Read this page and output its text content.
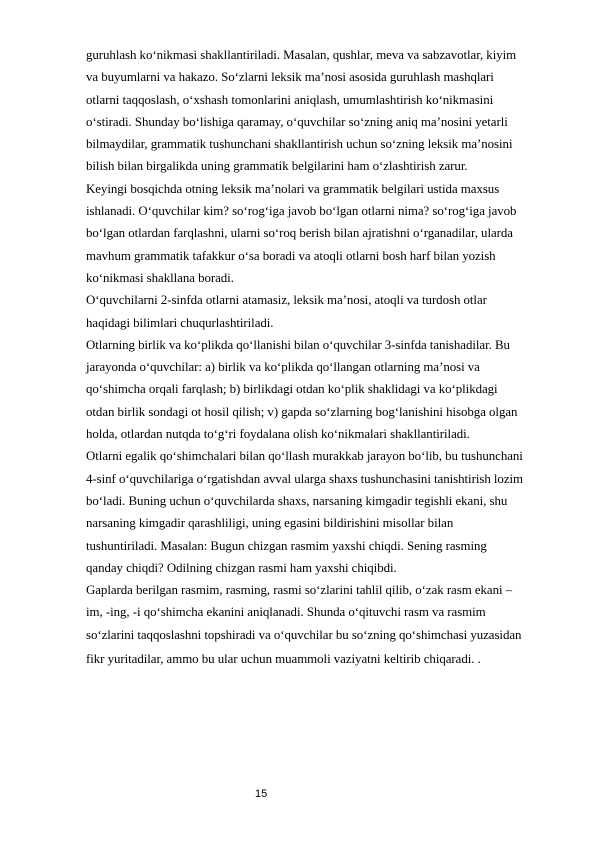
guruhlash ko‘nikmasi shakllantiriladi. Masalan, qushlar, meva va sabzavotlar, kiyim
va buyumlarni va hakazo. So‘zlarni leksik ma’nosi asosida guruhlash mashqlari
otlarni taqqoslash, o‘xshash tomonlarini aniqlash, umumlashtirish ko‘nikmasini
o‘stiradi. Shunday bo‘lishiga qaramay, o‘quvchilar so‘zning aniq ma’nosini yetarli
bilmaydilar, grammatik tushunchani shakllantirish uchun so‘zning leksik ma’nosini
bilish bilan birgalikda uning grammatik belgilarini ham o‘zlashtirish zarur.
Keyingi bosqichda otning leksik ma’nolari va grammatik belgilari ustida maxsus
ishlanadi. O‘quvchilar kim? so‘rog‘iga javob bo‘lgan otlarni nima? so‘rog‘iga javob
bo‘lgan otlardan farqlashni, ularni so‘roq berish bilan ajratishni o‘rganadilar, ularda
mavhum grammatik tafakkur o‘sa boradi va atoqli otlarni bosh harf bilan yozish
ko‘nikmasi shakllana boradi.
O‘quvchilarni 2-sinfda otlarni atamasiz, leksik ma’nosi, atoqli va turdosh otlar
haqidagi bilimlari chuqurlashtiriladi.
Otlarning birlik va ko‘plikda qo‘llanishi bilan o‘quvchilar 3-sinfda tanishadilar. Bu
jarayonda o‘quvchilar: a) birlik va ko‘plikda qo‘llangan otlarning ma’nosi va
qo‘shimcha orqali farqlash; b) birlikdagi otdan ko‘plik shaklidagi va ko‘plikdagi
otdan birlik sondagi ot hosil qilish; v) gapda so‘zlarning bog‘lanishini hisobga olgan
holda, otlardan nutqda to‘g‘ri foydalana olish ko‘nikmalari shakllantiriladi.
Otlarni egalik qo‘shimchalari bilan qo‘llash murakkab jarayon bo‘lib, bu tushunchani
4-sinf o‘quvchilariga o‘rgatishdan avval ularga shaxs tushunchasini tanishtirish lozim
bo‘ladi. Buning uchun o‘quvchilarda shaxs, narsaning kimgadir tegishli ekani, shu
narsaning kimgadir qarashliligi, uning egasini bildirishini misollar bilan
tushuntiriladi. Masalan: Bugun chizgan rasmim yaxshi chiqdi. Sening rasming
qanday chiqdi? Odilning chizgan rasmi ham yaxshi chiqibdi.
Gaplarda berilgan rasmim, rasming, rasmi so‘zlarini tahlil qilib, o‘zak rasm ekani –
im, -ing, -i qo‘shimcha ekanini aniqlanadi. Shunda o‘qituvchi rasm va rasmim
so‘zlarini taqqoslashni topshiradi va o‘quvchilar bu so‘zning qo‘shimchasi yuzasidan
fikr yuritadilar, ammo bu ular uchun muammoli vaziyatni keltirib chiqaradi. .
15
